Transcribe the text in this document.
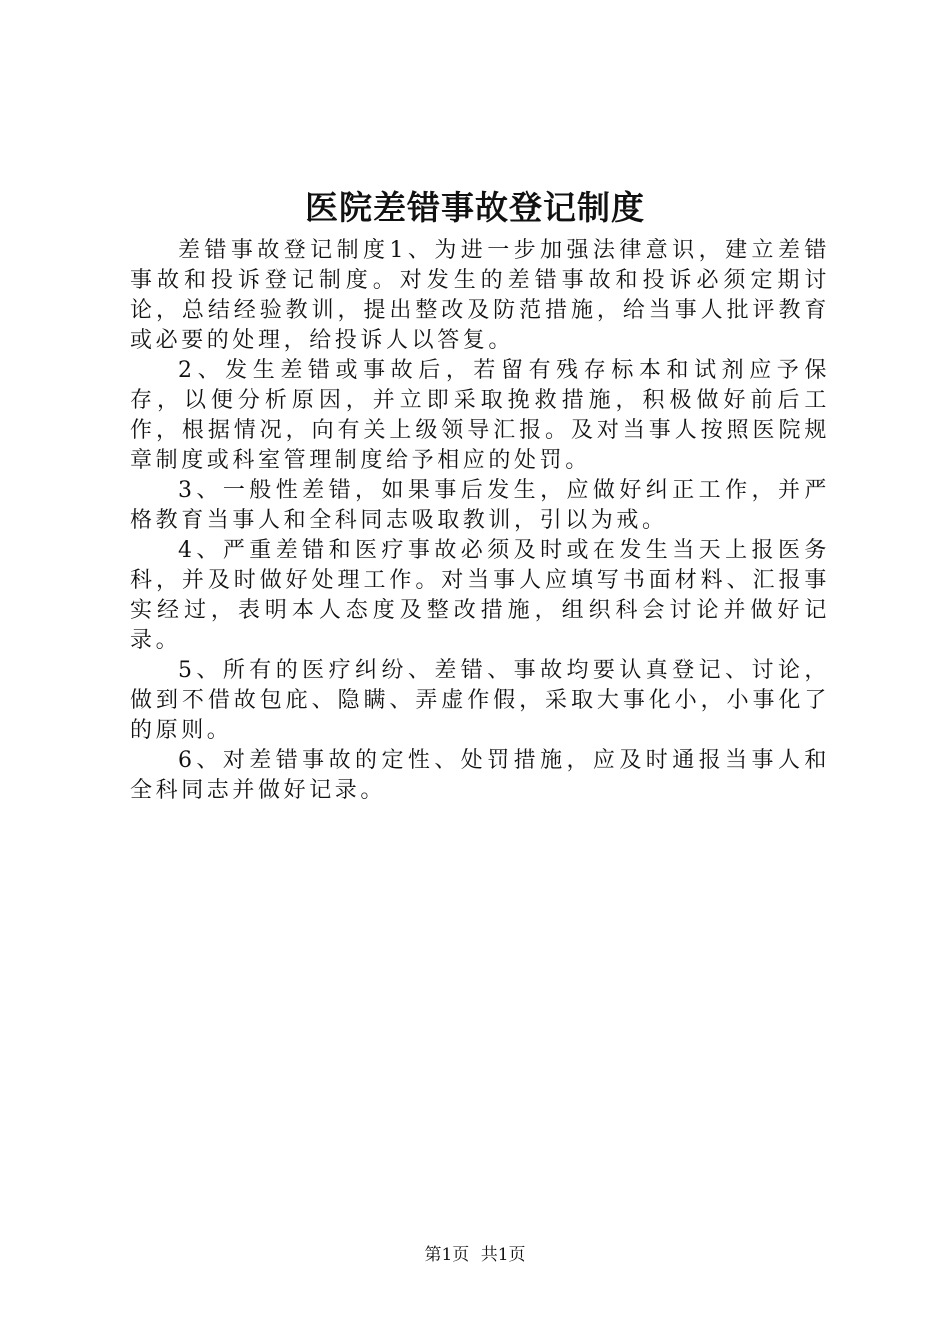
医院差错事故登记制度

差错事故登记制度1、为进一步加强法律意识，建立差错事故和投诉登记制度。对发生的差错事故和投诉必须定期讨论，总结经验教训，提出整改及防范措施，给当事人批评教育或必要的处理，给投诉人以答复。

2、发生差错或事故后，若留有残存标本和试剂应予保存，以便分析原因，并立即采取挽救措施，积极做好前后工作，根据情况，向有关上级领导汇报。及对当事人按照医院规章制度或科室管理制度给予相应的处罚。

3、一般性差错，如果事后发生，应做好纠正工作，并严格教育当事人和全科同志吸取教训，引以为戒。

4、严重差错和医疗事故必须及时或在发生当天上报医务科，并及时做好处理工作。对当事人应填写书面材料、汇报事实经过，表明本人态度及整改措施，组织科会讨论并做好记录。

5、所有的医疗纠纷、差错、事故均要认真登记、讨论，做到不借故包庇、隐瞒、弄虚作假，采取大事化小，小事化了的原则。

6、对差错事故的定性、处罚措施，应及时通报当事人和全科同志并做好记录。

第1页 共1页
